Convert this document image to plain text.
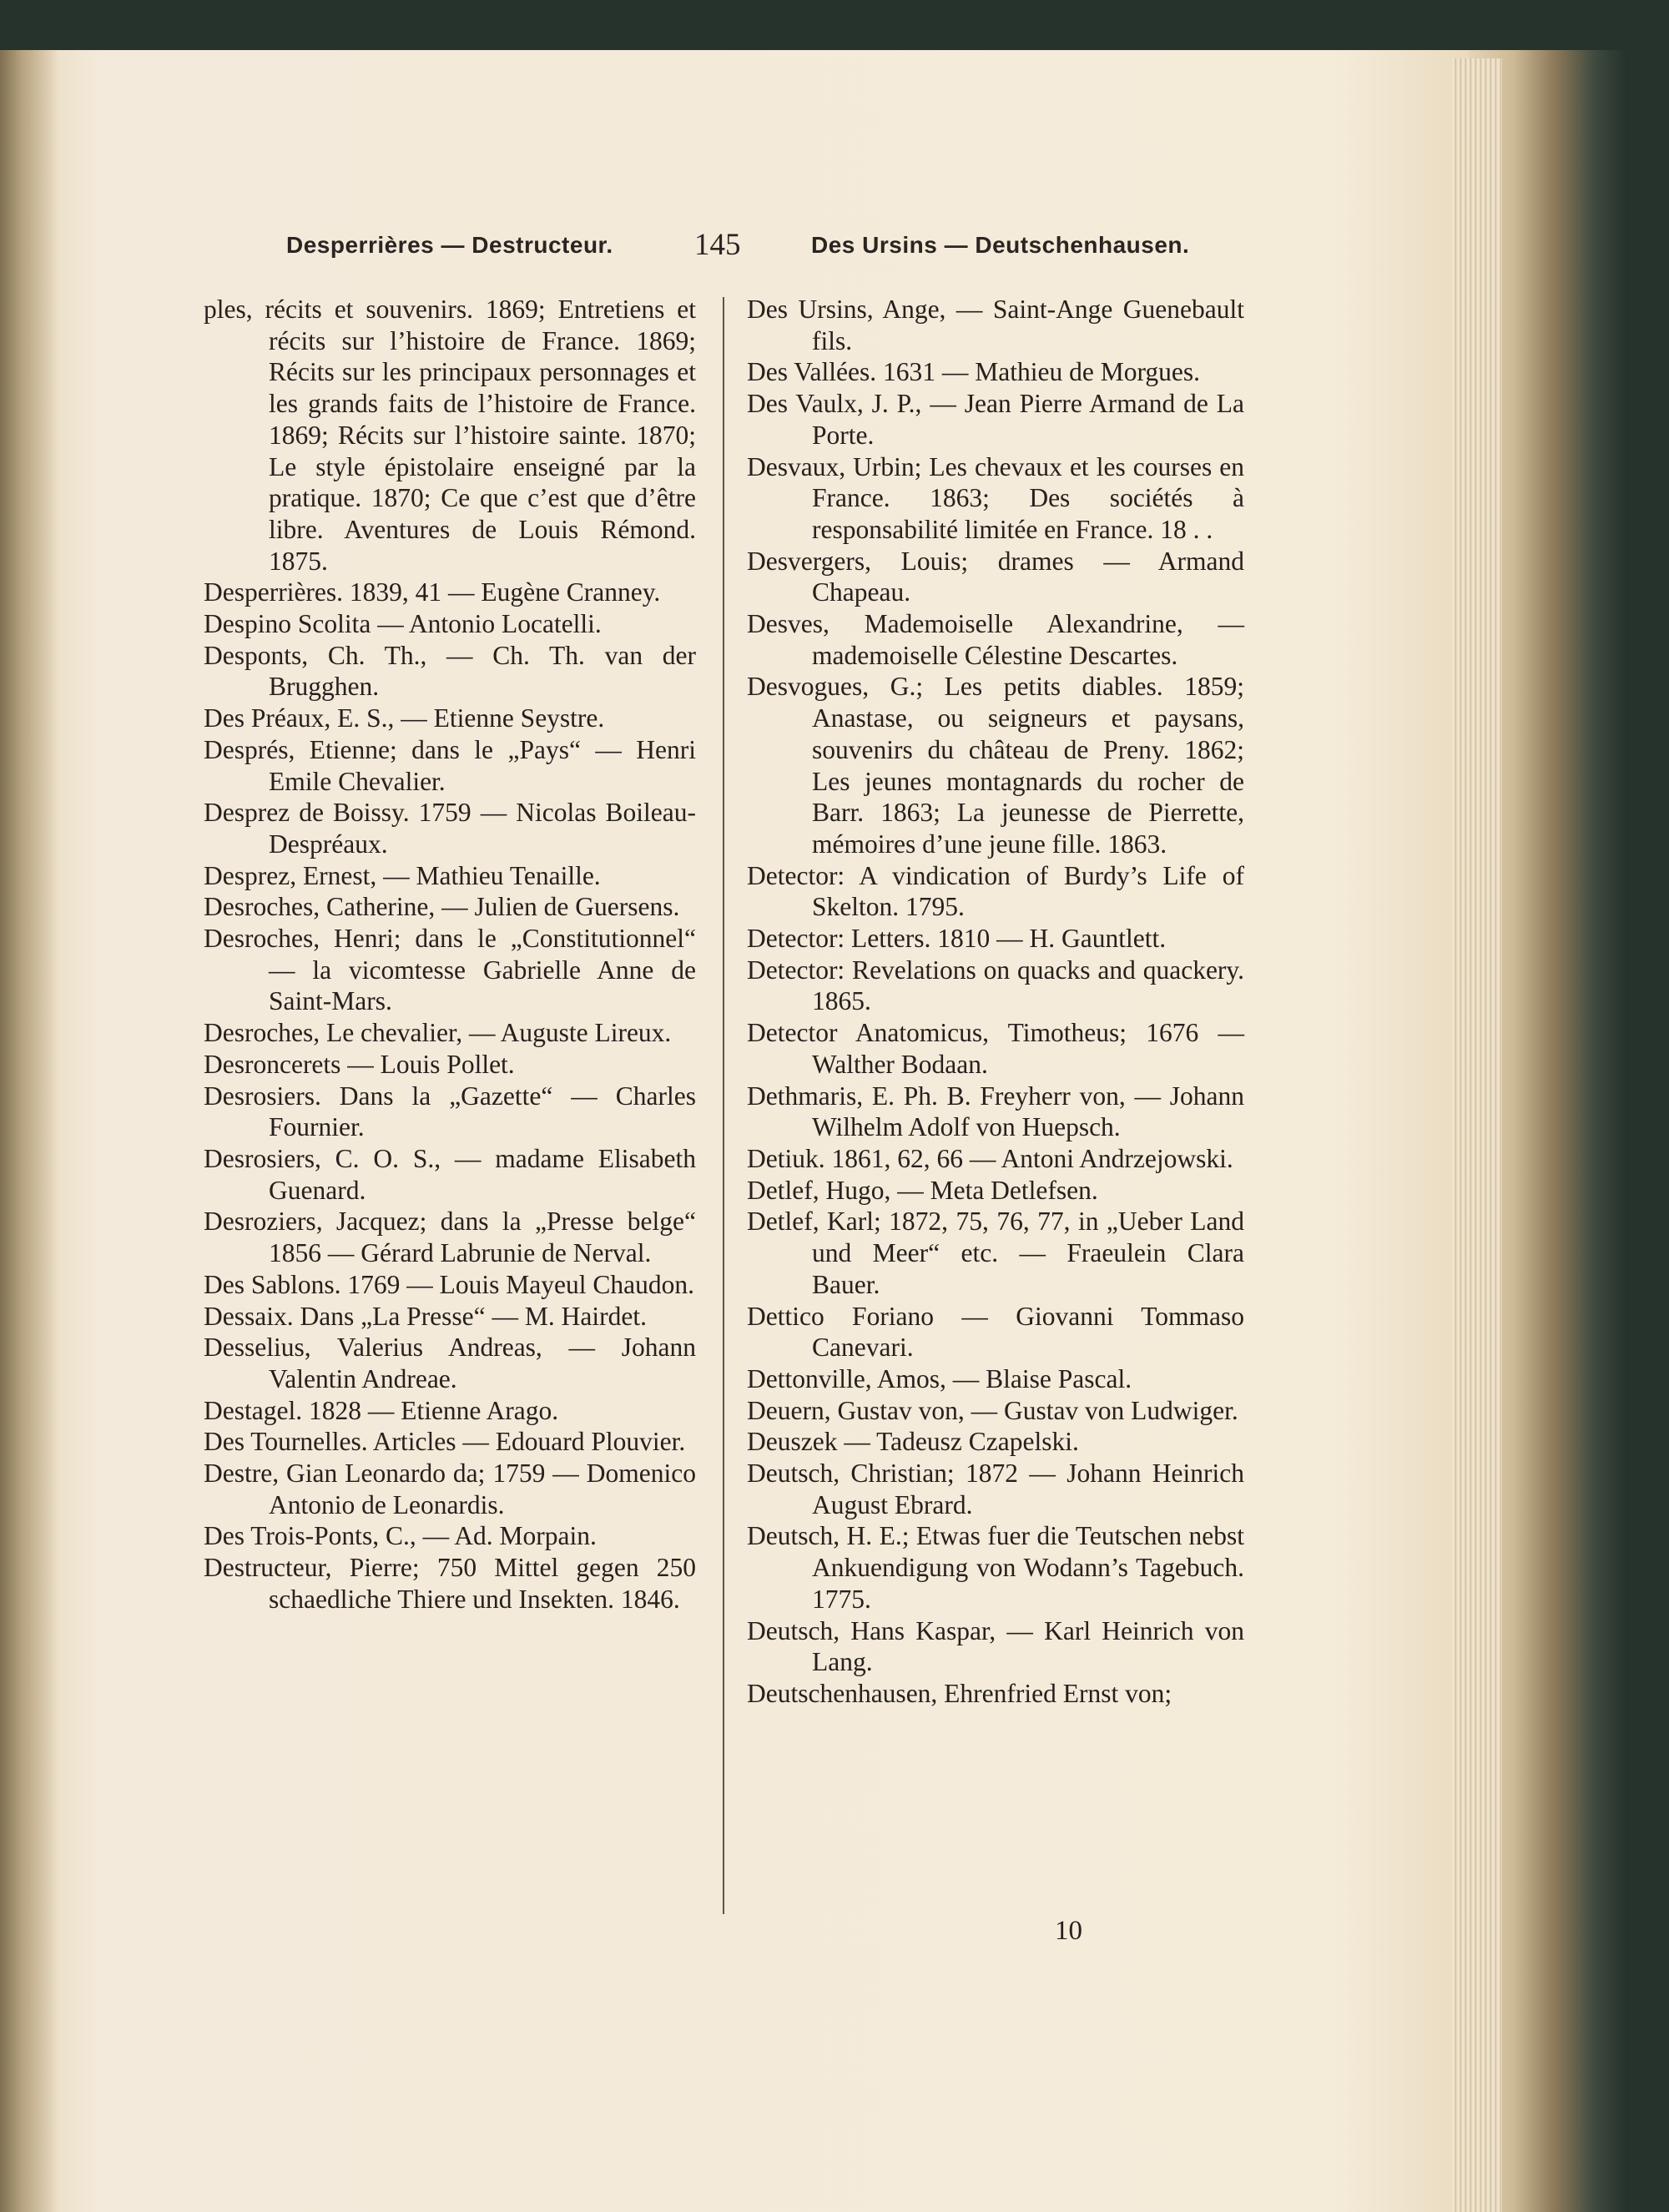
Desperrières — Destructeur.	145	Des Ursins — Deutschenhausen.

ples, récits et souvenirs. 1869; Entretiens et récits sur l’histoire de France. 1869; Récits sur les principaux personnages et les grands faits de l’histoire de France. 1869; Récits sur l’histoire sainte. 1870; Le style épistolaire enseigné par la pratique. 1870; Ce que c’est que d’être libre. Aventures de Louis Rémond. 1875.

Desperrières. 1839, 41 — Eugène Cranney.

Despino Scolita — Antonio Locatelli.

Desponts, Ch. Th., — Ch. Th. van der Brugghen.

Des Préaux, E. S., — Etienne Seystre.

Després, Etienne; dans le „Pays“ — Henri Emile Chevalier.

Desprez de Boissy. 1759 — Nicolas Boileau-Despréaux.

Desprez, Ernest, — Mathieu Tenaille.

Desroches, Catherine, — Julien de Guersens.

Desroches, Henri; dans le „Constitutionnel“ — la vicomtesse Gabrielle Anne de Saint-Mars.

Desroches, Le chevalier, — Auguste Lireux.

Desroncerets — Louis Pollet.

Desrosiers. Dans la „Gazette“ — Charles Fournier.

Desrosiers, C. O. S., — madame Elisabeth Guenard.

Desroziers, Jacquez; dans la „Presse belge“ 1856 — Gérard Labrunie de Nerval.

Des Sablons. 1769 — Louis Mayeul Chaudon.

Dessaix. Dans „La Presse“ — M. Hairdet.

Desselius, Valerius Andreas, — Johann Valentin Andreae.

Destagel. 1828 — Etienne Arago.

Des Tournelles. Articles — Edouard Plouvier.

Destre, Gian Leonardo da; 1759 — Domenico Antonio de Leonardis.

Des Trois-Ponts, C., — Ad. Morpain.

Destructeur, Pierre; 750 Mittel gegen 250 schaedliche Thiere und Insekten. 1846.

Des Ursins, Ange, — Saint-Ange Guenebault fils.

Des Vallées. 1631 — Mathieu de Morgues.

Des Vaulx, J. P., — Jean Pierre Armand de La Porte.

Desvaux, Urbin; Les chevaux et les courses en France. 1863; Des sociétés à responsabilité limitée en France. 18 . .

Desvergers, Louis; drames — Armand Chapeau.

Desves, Mademoiselle Alexandrine, — mademoiselle Célestine Descartes.

Desvogues, G.; Les petits diables. 1859; Anastase, ou seigneurs et paysans, souvenirs du château de Preny. 1862; Les jeunes montagnards du rocher de Barr. 1863; La jeunesse de Pierrette, mémoires d’une jeune fille. 1863.

Detector: A vindication of Burdy’s Life of Skelton. 1795.

Detector: Letters. 1810 — H. Gauntlett.

Detector: Revelations on quacks and quackery. 1865.

Detector Anatomicus, Timotheus; 1676 — Walther Bodaan.

Dethmaris, E. Ph. B. Freyherr von, — Johann Wilhelm Adolf von Huepsch.

Detiuk. 1861, 62, 66 — Antoni Andrzejowski.

Detlef, Hugo, — Meta Detlefsen.

Detlef, Karl; 1872, 75, 76, 77, in „Ueber Land und Meer“ etc. — Fraeulein Clara Bauer.

Dettico Foriano — Giovanni Tommaso Canevari.

Dettonville, Amos, — Blaise Pascal.

Deuern, Gustav von, — Gustav von Ludwiger.

Deuszek — Tadeusz Czapelski.

Deutsch, Christian; 1872 — Johann Heinrich August Ebrard.

Deutsch, H. E.; Etwas fuer die Teutschen nebst Ankuendigung von Wodann’s Tagebuch. 1775.

Deutsch, Hans Kaspar, — Karl Heinrich von Lang.

Deutschenhausen, Ehrenfried Ernst von;

10
